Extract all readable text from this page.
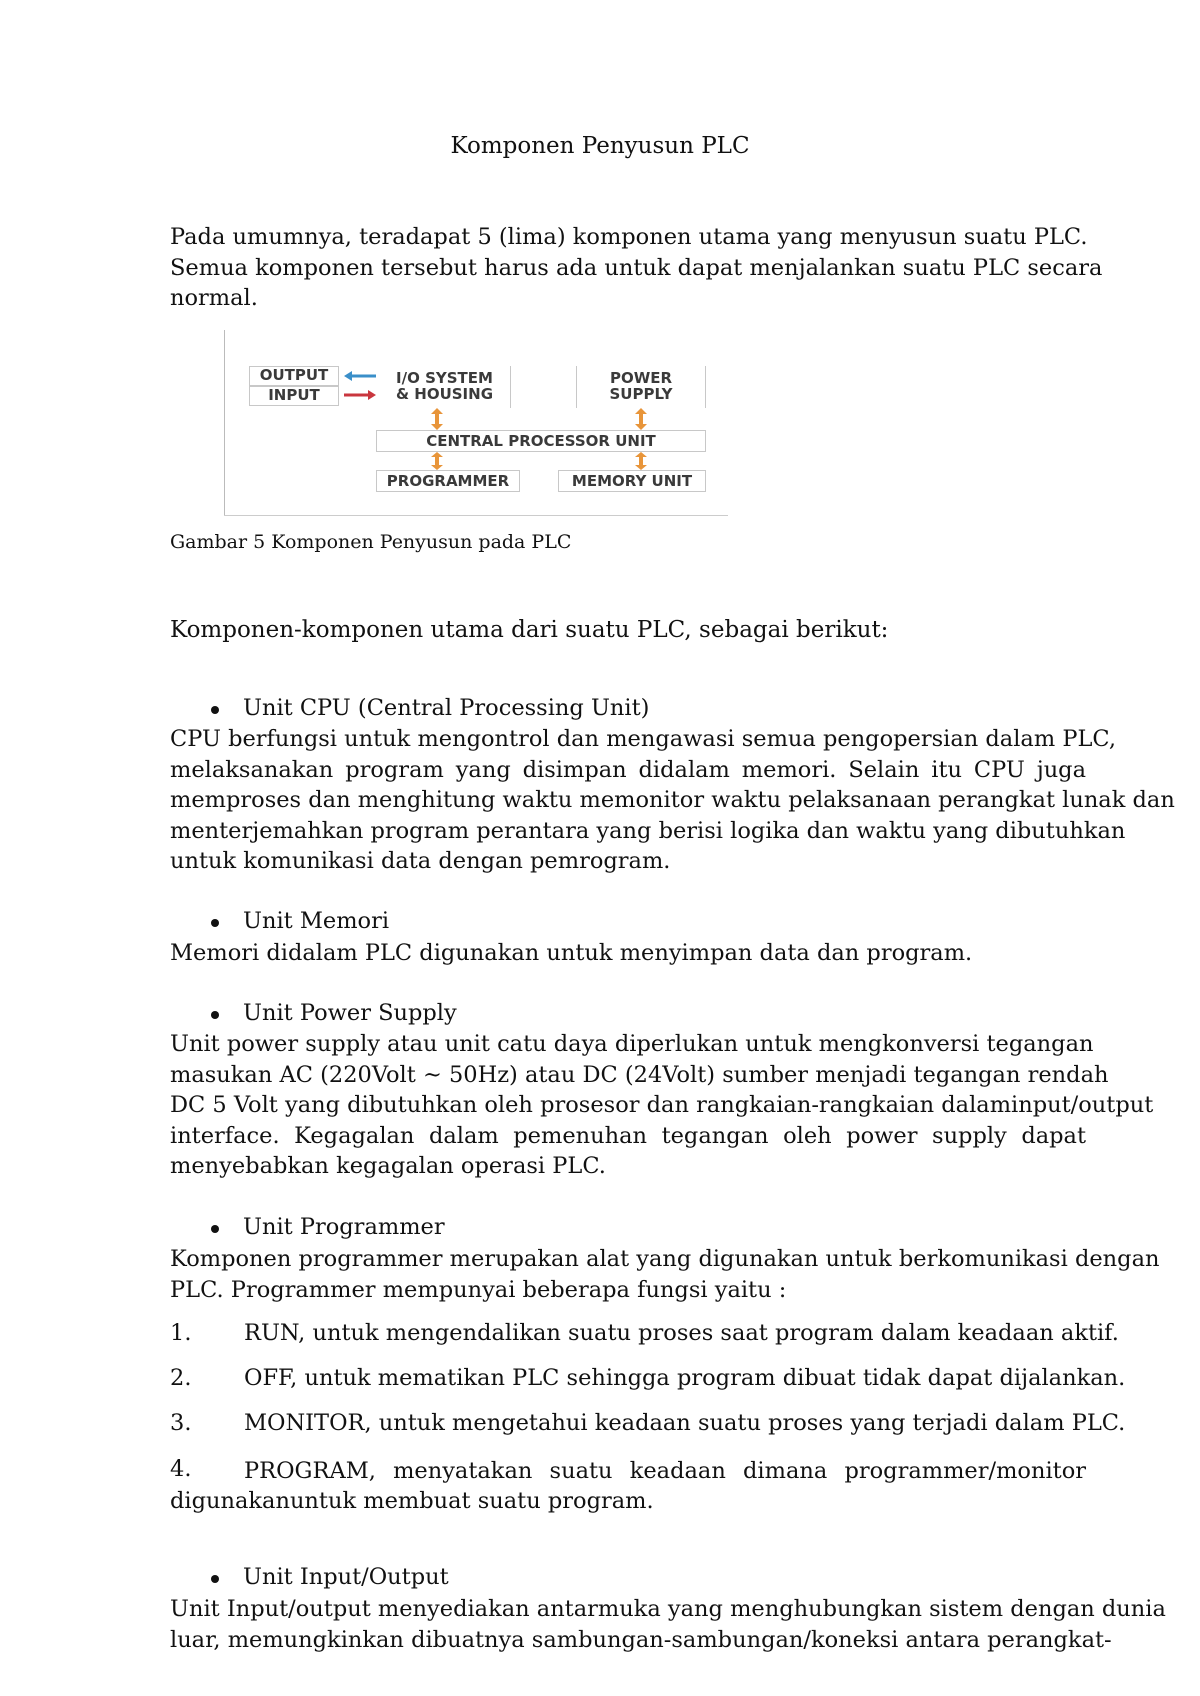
Komponen Penyusun PLC
Pada umumnya, teradapat 5 (lima) komponen utama yang menyusun suatu PLC.
Semua komponen tersebut harus ada untuk dapat menjalankan suatu PLC secara
normal.
OUTPUT
INPUT
I/O SYSTEM
& HOUSING
POWER
SUPPLY
CENTRAL PROCESSOR UNIT
PROGRAMMER	MEMORY UNIT
Gambar 5 Komponen Penyusun pada PLC
Komponen-komponen utama dari suatu PLC, sebagai berikut:
Unit CPU (Central Processing Unit)
CPU berfungsi untuk mengontrol dan mengawasi semua pengopersian dalam PLC,
melaksanakan program yang disimpan didalam memori. Selain itu CPU juga
memproses dan menghitung waktu memonitor waktu pelaksanaan perangkat lunak dan
menterjemahkan program perantara yang berisi logika dan waktu yang dibutuhkan
untuk komunikasi data dengan pemrogram.
Unit Memori
Memori didalam PLC digunakan untuk menyimpan data dan program.
Unit Power Supply
Unit power supply atau unit catu daya diperlukan untuk mengkonversi tegangan
masukan AC (220Volt ~ 50Hz) atau DC (24Volt) sumber menjadi tegangan rendah
DC 5 Volt yang dibutuhkan oleh prosesor dan rangkaian-rangkaian dalaminput/output
interface. Kegagalan dalam pemenuhan tegangan oleh power supply dapat
menyebabkan kegagalan operasi PLC.
Unit Programmer
Komponen programmer merupakan alat yang digunakan untuk berkomunikasi dengan
PLC. Programmer mempunyai beberapa fungsi yaitu :
1. RUN, untuk mengendalikan suatu proses saat program dalam keadaan aktif.
2. OFF, untuk mematikan PLC sehingga program dibuat tidak dapat dijalankan.
3. MONITOR, untuk mengetahui keadaan suatu proses yang terjadi dalam PLC.
4. PROGRAM, menyatakan suatu keadaan dimana programmer/monitor
digunakanuntuk membuat suatu program.
Unit Input/Output
Unit Input/output menyediakan antarmuka yang menghubungkan sistem dengan dunia
luar, memungkinkan dibuatnya sambungan-sambungan/koneksi antara perangkat-
